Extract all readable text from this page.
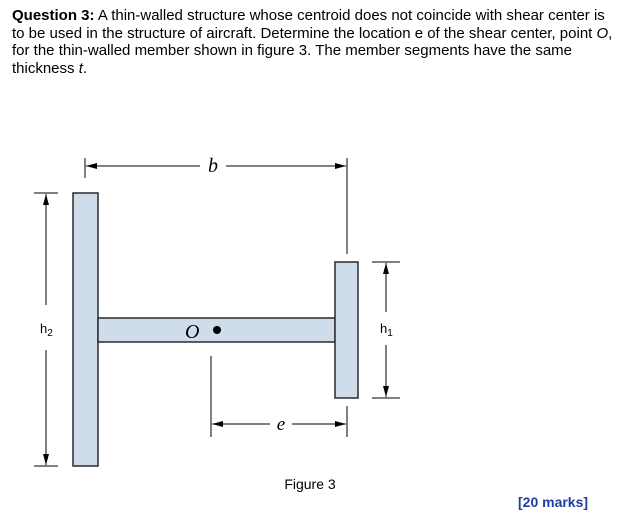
Question 3: A thin-walled structure whose centroid does not coincide with shear center is to be used in the structure of aircraft. Determine the location e of the shear center, point O, for the thin-walled member shown in figure 3. The member segments have the same thickness t.

b
$h_2$	$h_1$
O
e
Figure 3
[20 marks]
